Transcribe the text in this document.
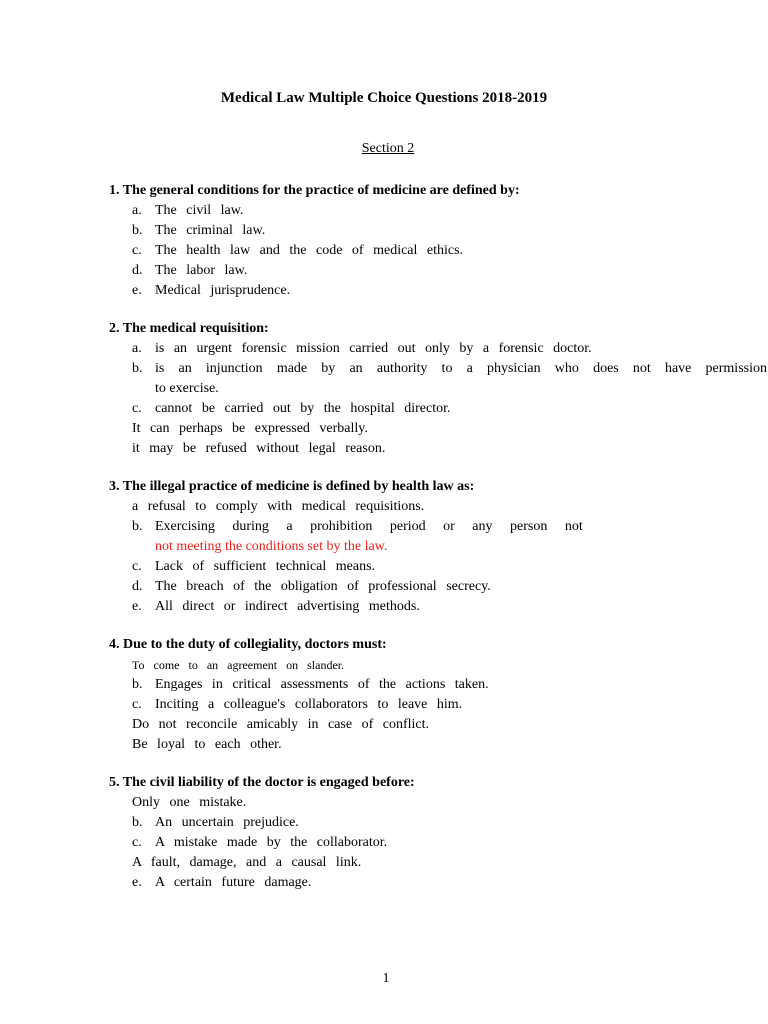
Medical Law Multiple Choice Questions 2018-2019
Section 2
1. The general conditions for the practice of medicine are defined by:
a. The civil law.
b. The criminal law.
c. The health law and the code of medical ethics.
d. The labor law.
e. Medical jurisprudence.
2. The medical requisition:
a. is an urgent forensic mission carried out only by a forensic doctor.
b. is an injunction made by an authority to a physician who does not have permission
to exercise.
c. cannot be carried out by the hospital director.
It can perhaps be expressed verbally.
it may be refused without legal reason.
3. The illegal practice of medicine is defined by health law as:
a refusal to comply with medical requisitions.
b. Exercising during a prohibition period or any person not
not meeting the conditions set by the law.
c. Lack of sufficient technical means.
d. The breach of the obligation of professional secrecy.
e. All direct or indirect advertising methods.
4. Due to the duty of collegiality, doctors must:
To come to an agreement on slander.
b. Engages in critical assessments of the actions taken.
c. Inciting a colleague's collaborators to leave him.
Do not reconcile amicably in case of conflict.
Be loyal to each other.
5. The civil liability of the doctor is engaged before:
Only one mistake.
b. An uncertain prejudice.
c. A mistake made by the collaborator.
A fault, damage, and a causal link.
e. A certain future damage.
1
